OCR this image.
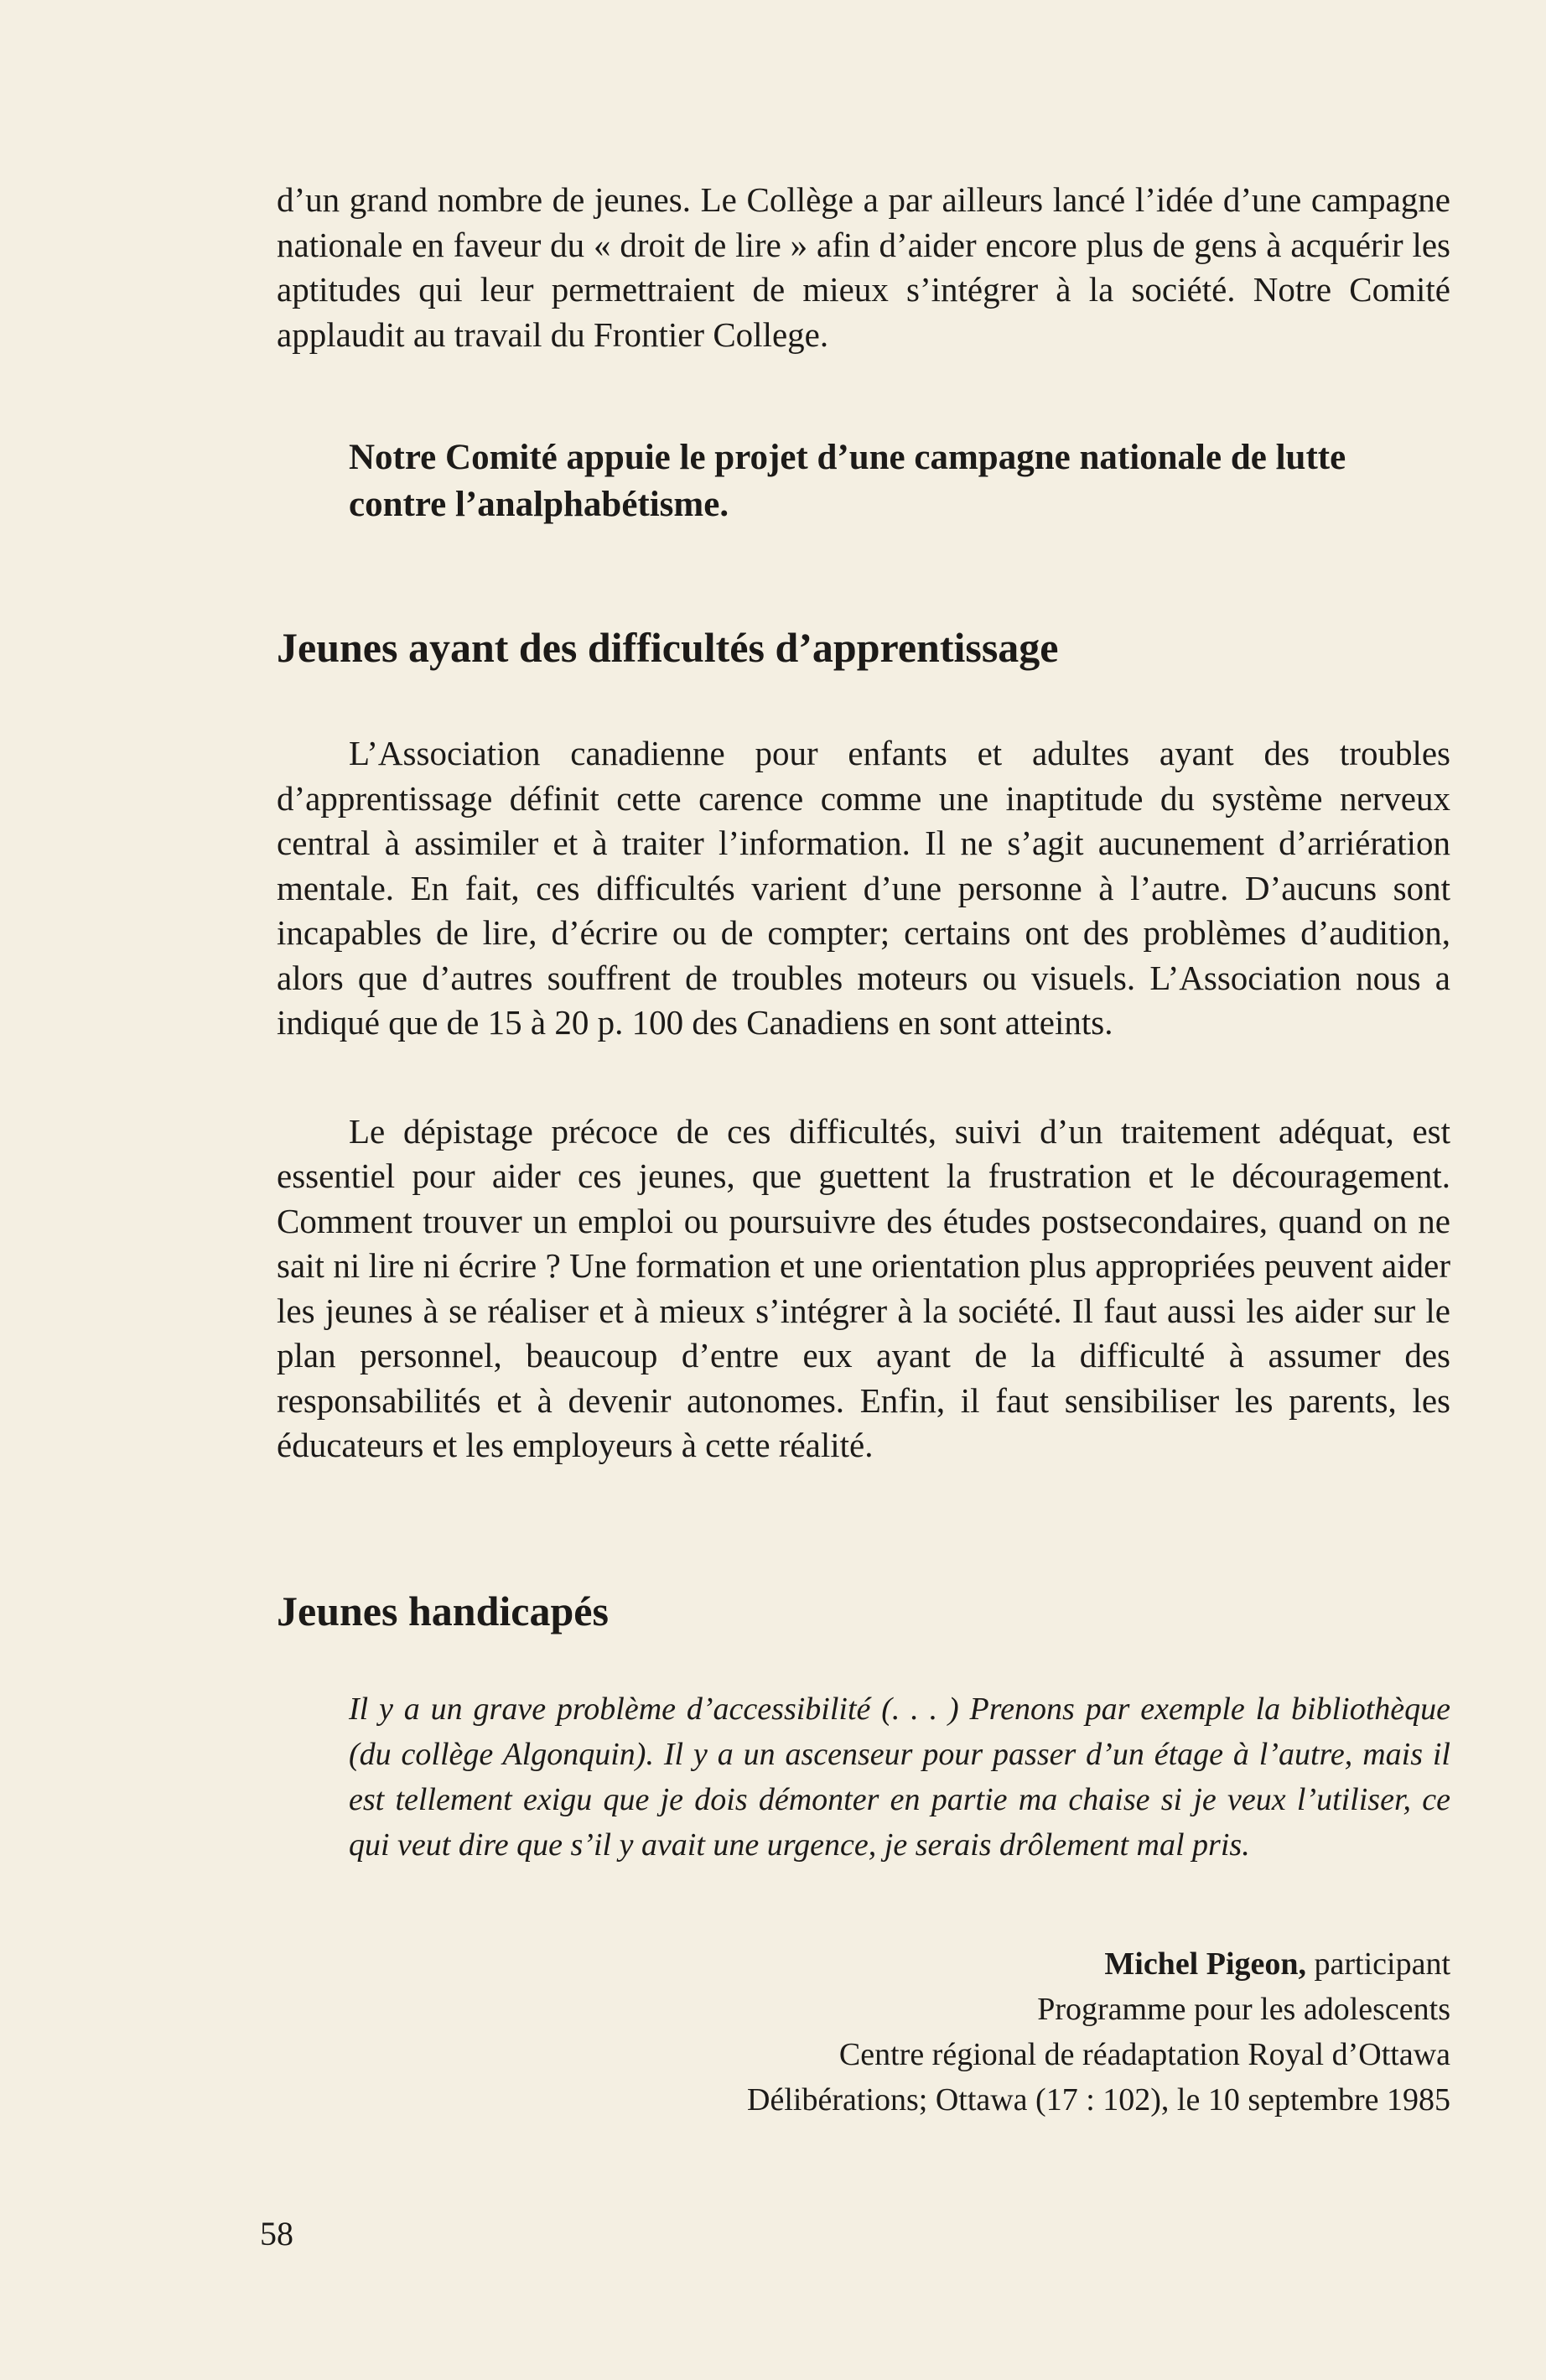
d’un grand nombre de jeunes. Le Collège a par ailleurs lancé l’idée d’une campagne nationale en faveur du « droit de lire » afin d’aider encore plus de gens à acquérir les aptitudes qui leur permettraient de mieux s’intégrer à la société. Notre Comité applaudit au travail du Frontier College.

Notre Comité appuie le projet d’une campagne nationale de lutte contre l’analphabétisme.

Jeunes ayant des difficultés d’apprentissage

L’Association canadienne pour enfants et adultes ayant des troubles d’apprentissage définit cette carence comme une inaptitude du système nerveux central à assimiler et à traiter l’information. Il ne s’agit aucunement d’arriération mentale. En fait, ces difficultés varient d’une personne à l’autre. D’aucuns sont incapables de lire, d’écrire ou de compter; certains ont des problèmes d’audition, alors que d’autres souffrent de troubles moteurs ou visuels. L’Association nous a indiqué que de 15 à 20 p. 100 des Canadiens en sont atteints.

Le dépistage précoce de ces difficultés, suivi d’un traitement adéquat, est essentiel pour aider ces jeunes, que guettent la frustration et le découragement. Comment trouver un emploi ou poursuivre des études postsecondaires, quand on ne sait ni lire ni écrire ? Une formation et une orientation plus appropriées peuvent aider les jeunes à se réaliser et à mieux s’intégrer à la société. Il faut aussi les aider sur le plan personnel, beaucoup d’entre eux ayant de la difficulté à assumer des responsabilités et à devenir autonomes. Enfin, il faut sensibiliser les parents, les éducateurs et les employeurs à cette réalité.

Jeunes handicapés

Il y a un grave problème d’accessibilité (. . . ) Prenons par exemple la bibliothèque (du collège Algonquin). Il y a un ascenseur pour passer d’un étage à l’autre, mais il est tellement exigu que je dois démonter en partie ma chaise si je veux l’utiliser, ce qui veut dire que s’il y avait une urgence, je serais drôlement mal pris.

Michel Pigeon, participant
Programme pour les adolescents
Centre régional de réadaptation Royal d’Ottawa
Délibérations; Ottawa (17 : 102), le 10 septembre 1985
58
